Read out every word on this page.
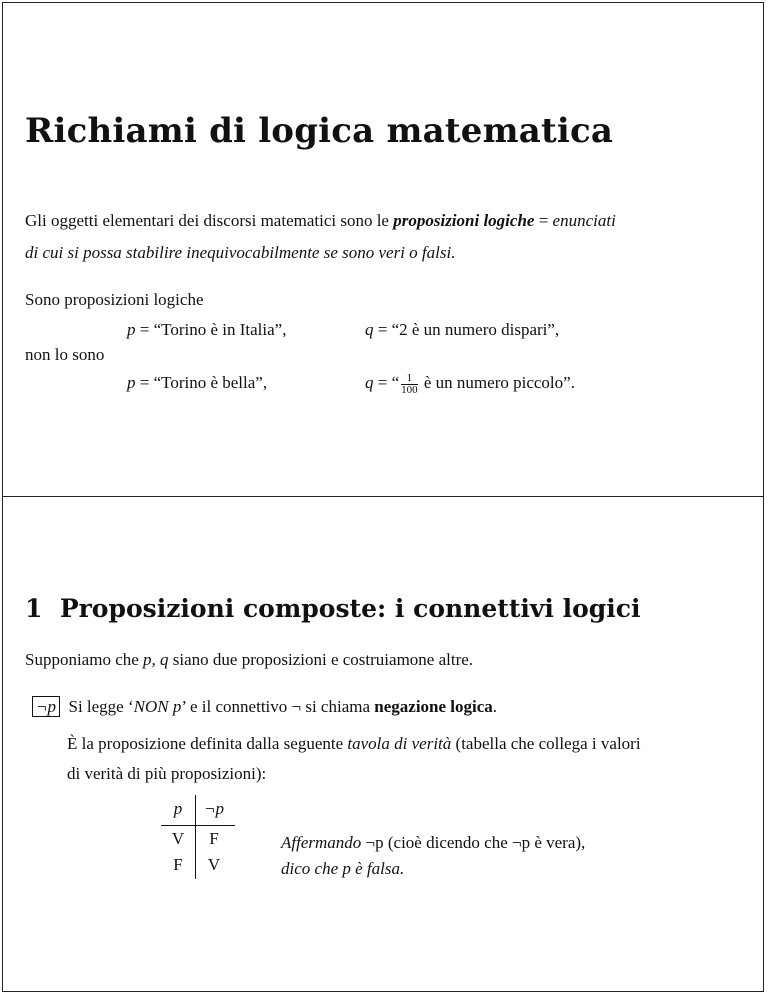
Richiami di logica matematica
Gli oggetti elementari dei discorsi matematici sono le proposizioni logiche = enunciati
di cui si possa stabilire inequivocabilmente se sono veri o falsi.
Sono proposizioni logiche
p = “Torino è in Italia”,	q = “2 è un numero dispari”,
non lo sono
p = “Torino è bella”,	q = “ $\frac{1}{100}$ è un numero piccolo”.
1 Proposizioni composte: i connettivi logici
Supponiamo che p, q siano due proposizioni e costruiamone altre.
¬p Si legge ‘NON p’ e il connettivo ¬ si chiama negazione logica.
È la proposizione definita dalla seguente tavola di verità (tabella che collega i valori
di verità di più proposizioni):
p	¬p
V	F
F	V
Affermando ¬p (cioè dicendo che ¬p è vera),
dico che p è falsa.
